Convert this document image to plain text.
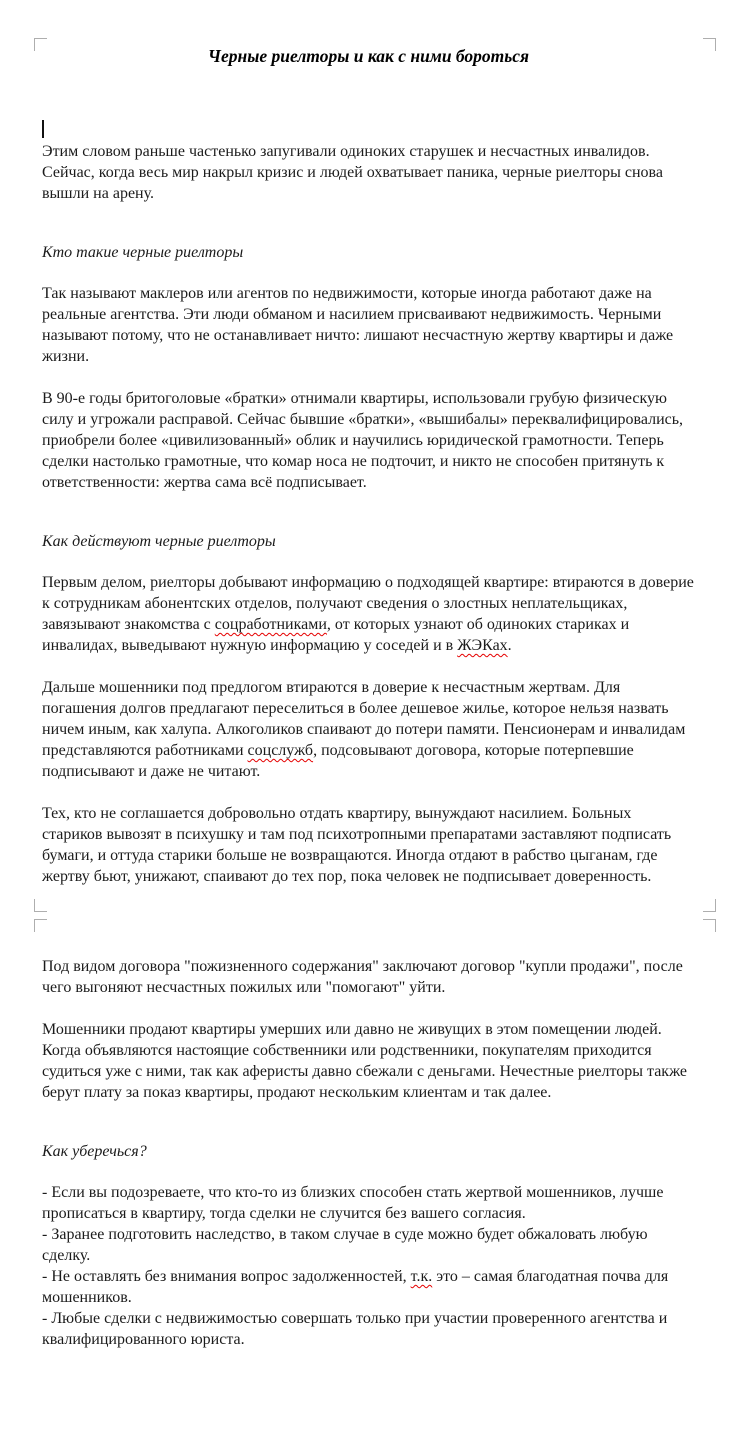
Черные риелторы и как с ними бороться

Этим словом раньше частенько запугивали одиноких старушек и несчастных инвалидов. Сейчас, когда весь мир накрыл кризис и людей охватывает паника, черные риелторы снова вышли на арену.

Кто такие черные риелторы

Так называют маклеров или агентов по недвижимости, которые иногда работают даже на реальные агентства. Эти люди обманом и насилием присваивают недвижимость. Черными называют потому, что не останавливает ничто: лишают несчастную жертву квартиры и даже жизни.

В 90-е годы бритоголовые «братки» отнимали квартиры, использовали грубую физическую силу и угрожали расправой. Сейчас бывшие «братки», «вышибалы» переквалифицировались, приобрели более «цивилизованный» облик и научились юридической грамотности. Теперь сделки настолько грамотные, что комар носа не подточит, и никто не способен притянуть к ответственности: жертва сама всё подписывает.

Как действуют черные риелторы

Первым делом, риелторы добывают информацию о подходящей квартире: втираются в доверие к сотрудникам абонентских отделов, получают сведения о злостных неплательщиках, завязывают знакомства с соцработниками, от которых узнают об одиноких стариках и инвалидах, выведывают нужную информацию у соседей и в ЖЭКах.

Дальше мошенники под предлогом втираются в доверие к несчастным жертвам. Для погашения долгов предлагают переселиться в более дешевое жилье, которое нельзя назвать ничем иным, как халупа. Алкоголиков спаивают до потери памяти. Пенсионерам и инвалидам представляются работниками соцслужб, подсовывают договора, которые потерпевшие подписывают и даже не читают.

Тех, кто не соглашается добровольно отдать квартиру, вынуждают насилием. Больных стариков вывозят в психушку и там под психотропными препаратами заставляют подписать бумаги, и оттуда старики больше не возвращаются. Иногда отдают в рабство цыганам, где жертву бьют, унижают, спаивают до тех пор, пока человек не подписывает доверенность.

Под видом договора "пожизненного содержания" заключают договор "купли продажи", после чего выгоняют несчастных пожилых или "помогают" уйти.

Мошенники продают квартиры умерших или давно не живущих в этом помещении людей. Когда объявляются настоящие собственники или родственники, покупателям приходится судиться уже с ними, так как аферисты давно сбежали с деньгами. Нечестные риелторы также берут плату за показ квартиры, продают нескольким клиентам и так далее.

Как уберечься?

- Если вы подозреваете, что кто-то из близких способен стать жертвой мошенников, лучше прописаться в квартиру, тогда сделки не случится без вашего согласия.

- Заранее подготовить наследство, в таком случае в суде можно будет обжаловать любую сделку.

- Не оставлять без внимания вопрос задолженностей, т.к. это – самая благодатная почва для мошенников.

- Любые сделки с недвижимостью совершать только при участии проверенного агентства и квалифицированного юриста.
